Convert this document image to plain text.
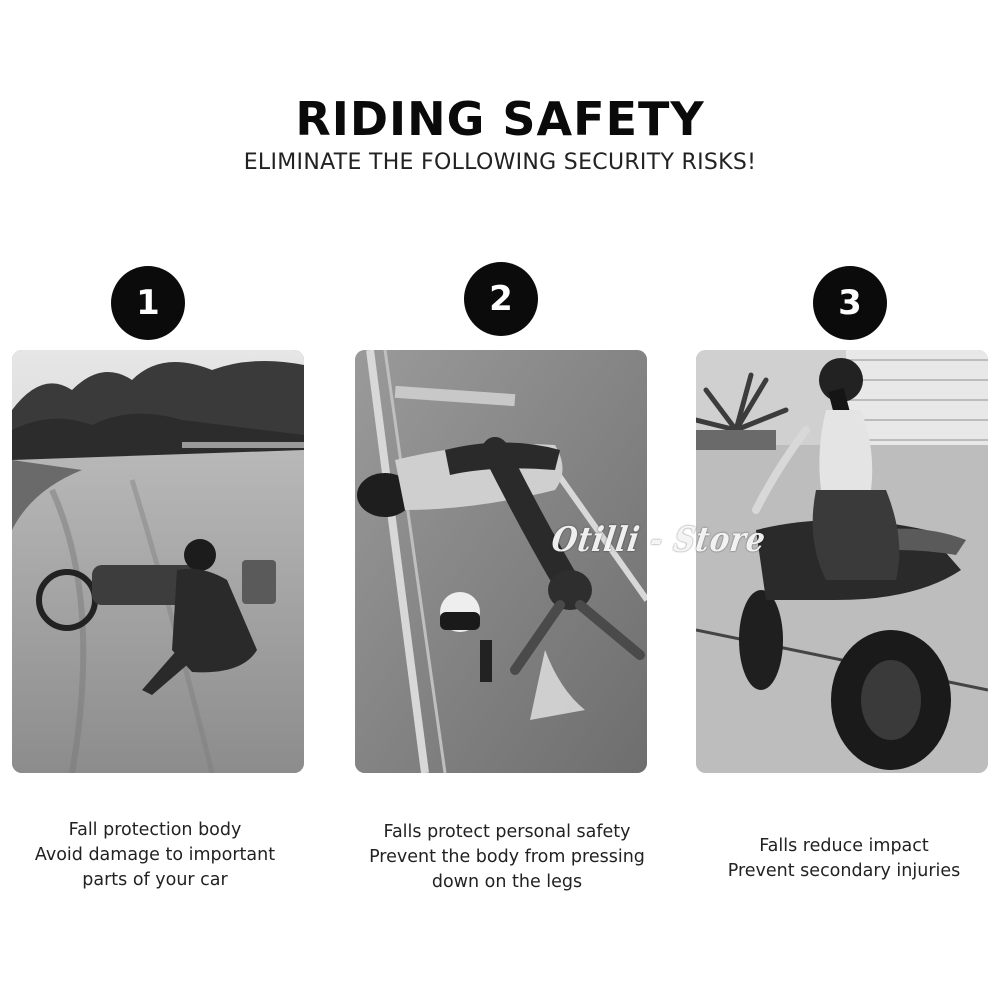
RIDING SAFETY
ELIMINATE THE FOLLOWING SECURITY RISKS!
1
Fall protection body
Avoid damage to important
parts of your car
2
Falls protect personal safety
Prevent the body from pressing
down on the legs
3
Falls reduce impact
Prevent secondary injuries
Otilli - Store
